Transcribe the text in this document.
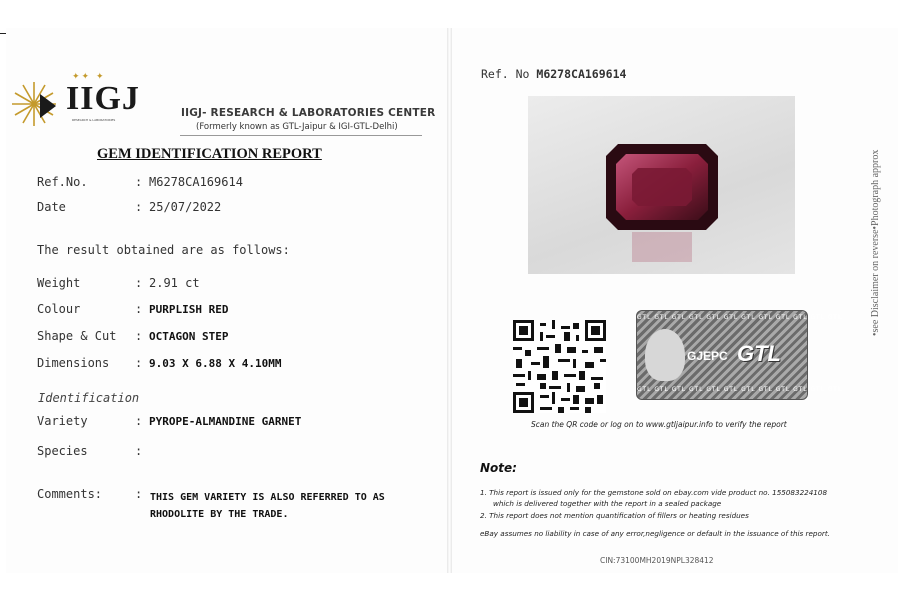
✦✦ ✦
IIGJ
RESEARCH & LABORATORIES
IIGJ- RESEARCH & LABORATORIES CENTER
(Formerly known as GTL-Jaipur & IGI-GTL-Delhi)
GEM IDENTIFICATION REPORT
Ref.No.	: M6278CA169614
Date	: 25/07/2022
The result obtained are as follows:
Weight	: 2.91 ct
Colour	: PURPLISH RED
Shape & Cut : OCTAGON STEP
Dimensions : 9.03 X 6.88 X 4.10MM
Identification
Variety	: PYROPE-ALMANDINE GARNET
Species	:
Comments:	: THIS GEM VARIETY IS ALSO REFERRED TO AS RHODOLITE BY THE TRADE.
Ref. No M6278CA169614
•see Disclaimer on reverse•Photograph approx
GTL GTL GTL GTL GTL GTL GTL GTL GTL GTL GTL GTL
GJEPC GTL
GTL GTL GTL GTL GTL GTL GTL GTL GTL GTL GTL GTL
Scan the QR code or log on to www.gtljaipur.info to verify the report
Note:
1. This report is issued only for the gemstone sold on ebay.com vide product no. 155083224108
which is delivered together with the report in a sealed package
2. This report does not mention quantification of fillers or heating residues
eBay assumes no liability in case of any error,negligence or default in the issuance of this report.
CIN:73100MH2019NPL328412
